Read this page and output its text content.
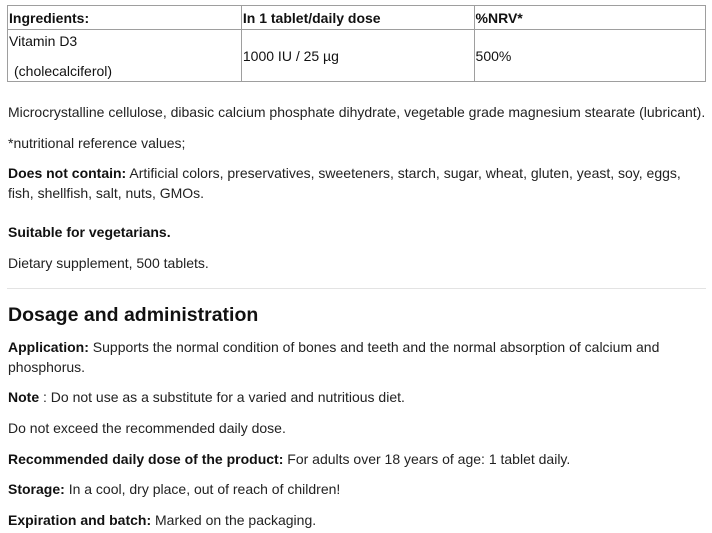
Ingredients:	In 1 tablet/daily dose	%NRV*

Vitamin D3
(cholecalciferol)	1000 IU / 25 µg	500%

Microcrystalline cellulose, dibasic calcium phosphate dihydrate, vegetable grade magnesium stearate (lubricant).

*nutritional reference values;

Does not contain: Artificial colors, preservatives, sweeteners, starch, sugar, wheat, gluten, yeast, soy, eggs, fish, shellfish, salt, nuts, GMOs.

Suitable for vegetarians.

Dietary supplement, 500 tablets.

Dosage and administration

Application: Supports the normal condition of bones and teeth and the normal absorption of calcium and phosphorus.

Note : Do not use as a substitute for a varied and nutritious diet.

Do not exceed the recommended daily dose.

Recommended daily dose of the product: For adults over 18 years of age: 1 tablet daily.

Storage: In a cool, dry place, out of reach of children!

Expiration and batch: Marked on the packaging.
